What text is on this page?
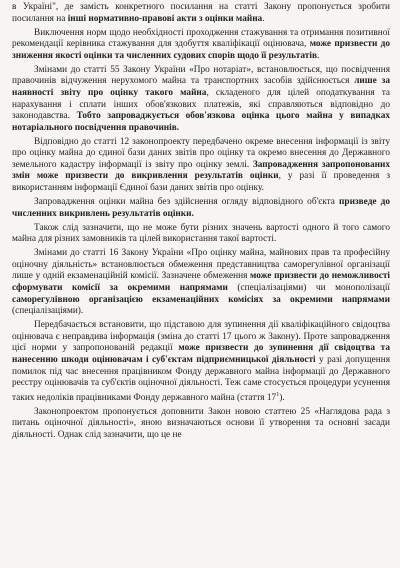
в Україні", де замість конкретного посилання на статті Закону пропонується зробити посилання на інші нормативно-правові акти з оцінки майна.

Виключення норм щодо необхідності проходження стажування та отримання позитивної рекомендації керівника стажування для здобуття кваліфікації оцінювача, може призвести до зниження якості оцінки та численних судових спорів щодо її результатів.

Змінами до статті 55 Закону України «Про нотаріат», встановлюється, що посвідчення правочинів відчуження нерухомого майна та транспортних засобів здійснюється лише за наявності звіту про оцінку такого майна, складеного для цілей оподаткування та нарахування і сплати інших обов'язкових платежів, які справляються відповідно до законодавства. Тобто запроваджується обов'язкова оцінка цього майна у випадках нотаріального посвідчення правочинів.

Відповідно до статті 12 законопроекту передбачено окреме внесення інформації із звіту про оцінку майна до єдиної бази даних звітів про оцінку та окремо внесення до Державного земельного кадастру інформації із звіту про оцінку землі. Запровадження запропонованих змін може призвести до викривлення результатів оцінки, у разі її проведення з використанням інформації Єдиної бази даних звітів про оцінку.

Запровадження оцінки майна без здійснення огляду відповідного об'єкта призведе до численних викривлень результатів оцінки.

Також слід зазначити, що не може бути різних значень вартості одного й того самого майна для різних замовників та цілей використання такої вартості.

Змінами до статті 16 Закону України «Про оцінку майна, майнових прав та професійну оціночну діяльність» встановлюється обмеження представництва саморегулівної організації лише у одній екзаменаційній комісії. Зазначене обмеження може призвести до неможливості сформувати комісії за окремими напрямами (спеціалізаціями) чи монополізації саморегулівною організацією екзаменаційних комісіях за окремими напрямами (спеціалізаціями).

Передбачається встановити, що підставою для зупинення дії кваліфікаційного свідоцтва оцінювача є неправдива інформація (зміна до статті 17 цього ж Закону). Проте запровадження цієї норми у запропонованій редакції може призвести до зупинення дії свідоцтва та нанесенню шкоди оцінювачам і суб'єктам підприємницької діяльності у разі допущення помилок під час внесення працівником Фонду державного майна інформації до Державного реєстру оцінювачів та суб'єктів оціночної діяльності. Теж саме стосується процедури усунення таких недоліків працівниками Фонду державного майна (стаття $17^1$).

Законопроектом пропонується доповнити Закон новою статтею 25 «Наглядова рада з питань оціночної діяльності», яною визначаються основи її утворення та основні засади діяльності. Однак слід зазначити, що це не
